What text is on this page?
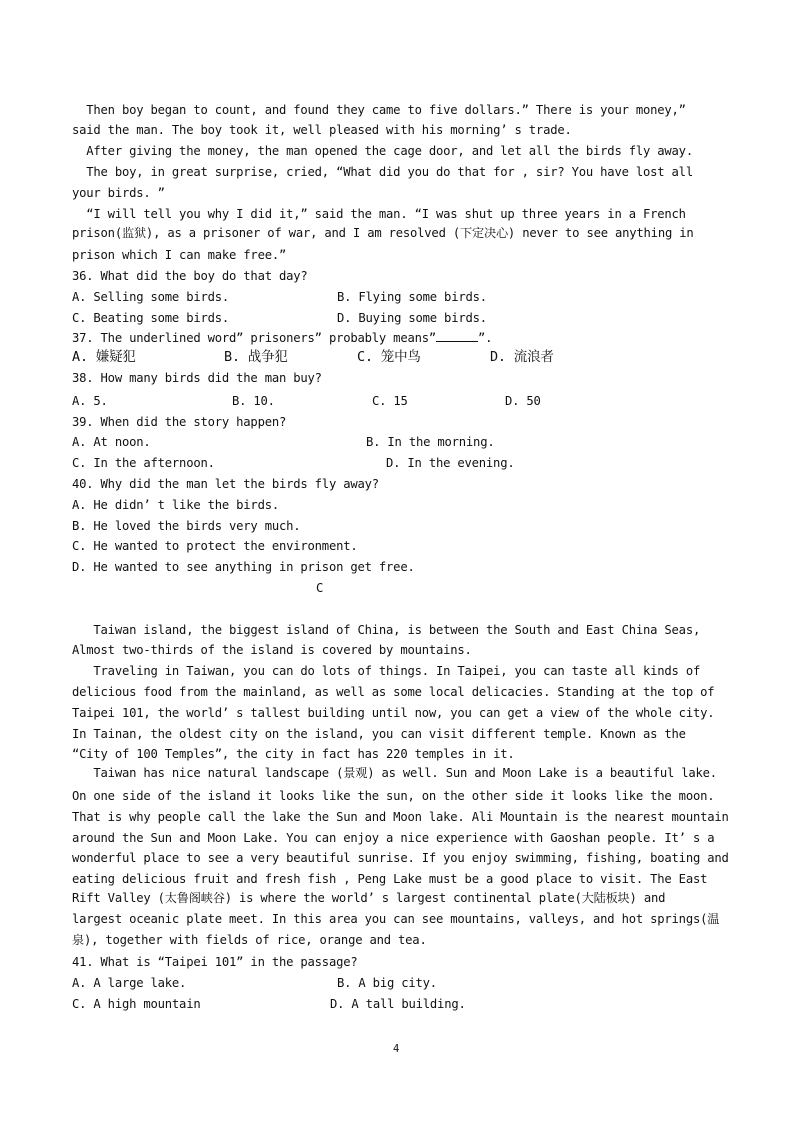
Then boy began to count, and found they came to five dollars.” There is your money,”
said the man. The boy took it, well pleased with his morning’ s trade.
After giving the money, the man opened the cage door, and let all the birds fly away.
The boy, in great surprise, cried, “What did you do that for , sir? You have lost all
your birds. ”
“I will tell you why I did it,” said the man. “I was shut up three years in a French
prison(监狱), as a prisoner of war, and I am resolved (下定决心) never to see anything in
prison which I can make free.”
36. What did the boy do that day?
A. Selling some birds.	B. Flying some birds.
C. Beating some birds.	D. Buying some birds.
37. The underlined word” prisoners” probably means”	”.
A. 嫌疑犯	B. 战争犯	C. 笼中鸟	D. 流浪者
38. How many birds did the man buy?
A. 5.	B. 10.	C. 15	D. 50
39. When did the story happen?
A. At noon.	B. In the morning.
C. In the afternoon.	D. In the evening.
40. Why did the man let the birds fly away?
A. He didn’ t like the birds.
B. He loved the birds very much.
C. He wanted to protect the environment.
D. He wanted to see anything in prison get free.
C
Taiwan island, the biggest island of China, is between the South and East China Seas,
Almost two-thirds of the island is covered by mountains.
Traveling in Taiwan, you can do lots of things. In Taipei, you can taste all kinds of
delicious food from the mainland, as well as some local delicacies. Standing at the top of
Taipei 101, the world’ s tallest building until now, you can get a view of the whole city.
In Tainan, the oldest city on the island, you can visit different temple. Known as the
“City of 100 Temples”, the city in fact has 220 temples in it.
Taiwan has nice natural landscape (景观) as well. Sun and Moon Lake is a beautiful lake.
On one side of the island it looks like the sun, on the other side it looks like the moon.
That is why people call the lake the Sun and Moon lake. Ali Mountain is the nearest mountain
around the Sun and Moon Lake. You can enjoy a nice experience with Gaoshan people. It’ s a
wonderful place to see a very beautiful sunrise. If you enjoy swimming, fishing, boating and
eating delicious fruit and fresh fish , Peng Lake must be a good place to visit. The East
Rift Valley (太鲁阁峡谷) is where the world’ s largest continental plate(大陆板块) and
largest oceanic plate meet. In this area you can see mountains, valleys, and hot springs(温
泉), together with fields of rice, orange and tea.
41. What is “Taipei 101” in the passage?
A. A large lake.	B. A big city.
C. A high mountain	D. A tall building.
4
